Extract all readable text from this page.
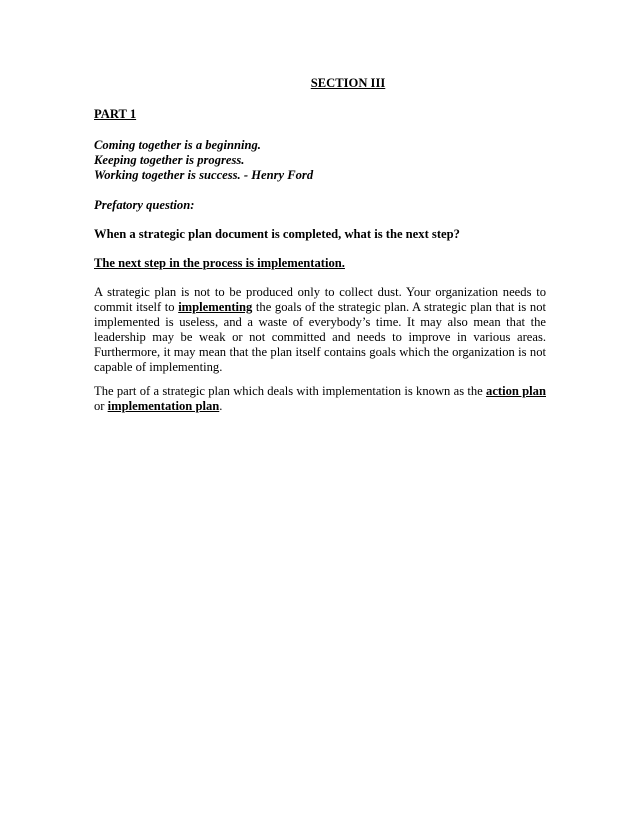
SECTION III

PART 1

Coming together is a beginning.
Keeping together is progress.
Working together is success. - Henry Ford

Prefatory question:

When a strategic plan document is completed, what is the next step?

The next step in the process is implementation.

A strategic plan is not to be produced only to collect dust. Your organization needs to commit itself to implementing the goals of the strategic plan. A strategic plan that is not implemented is useless, and a waste of everybody’s time. It may also mean that the leadership may be weak or not committed and needs to improve in various areas. Furthermore, it may mean that the plan itself contains goals which the organization is not capable of implementing.

The part of a strategic plan which deals with implementation is known as the action plan or implementation plan.
